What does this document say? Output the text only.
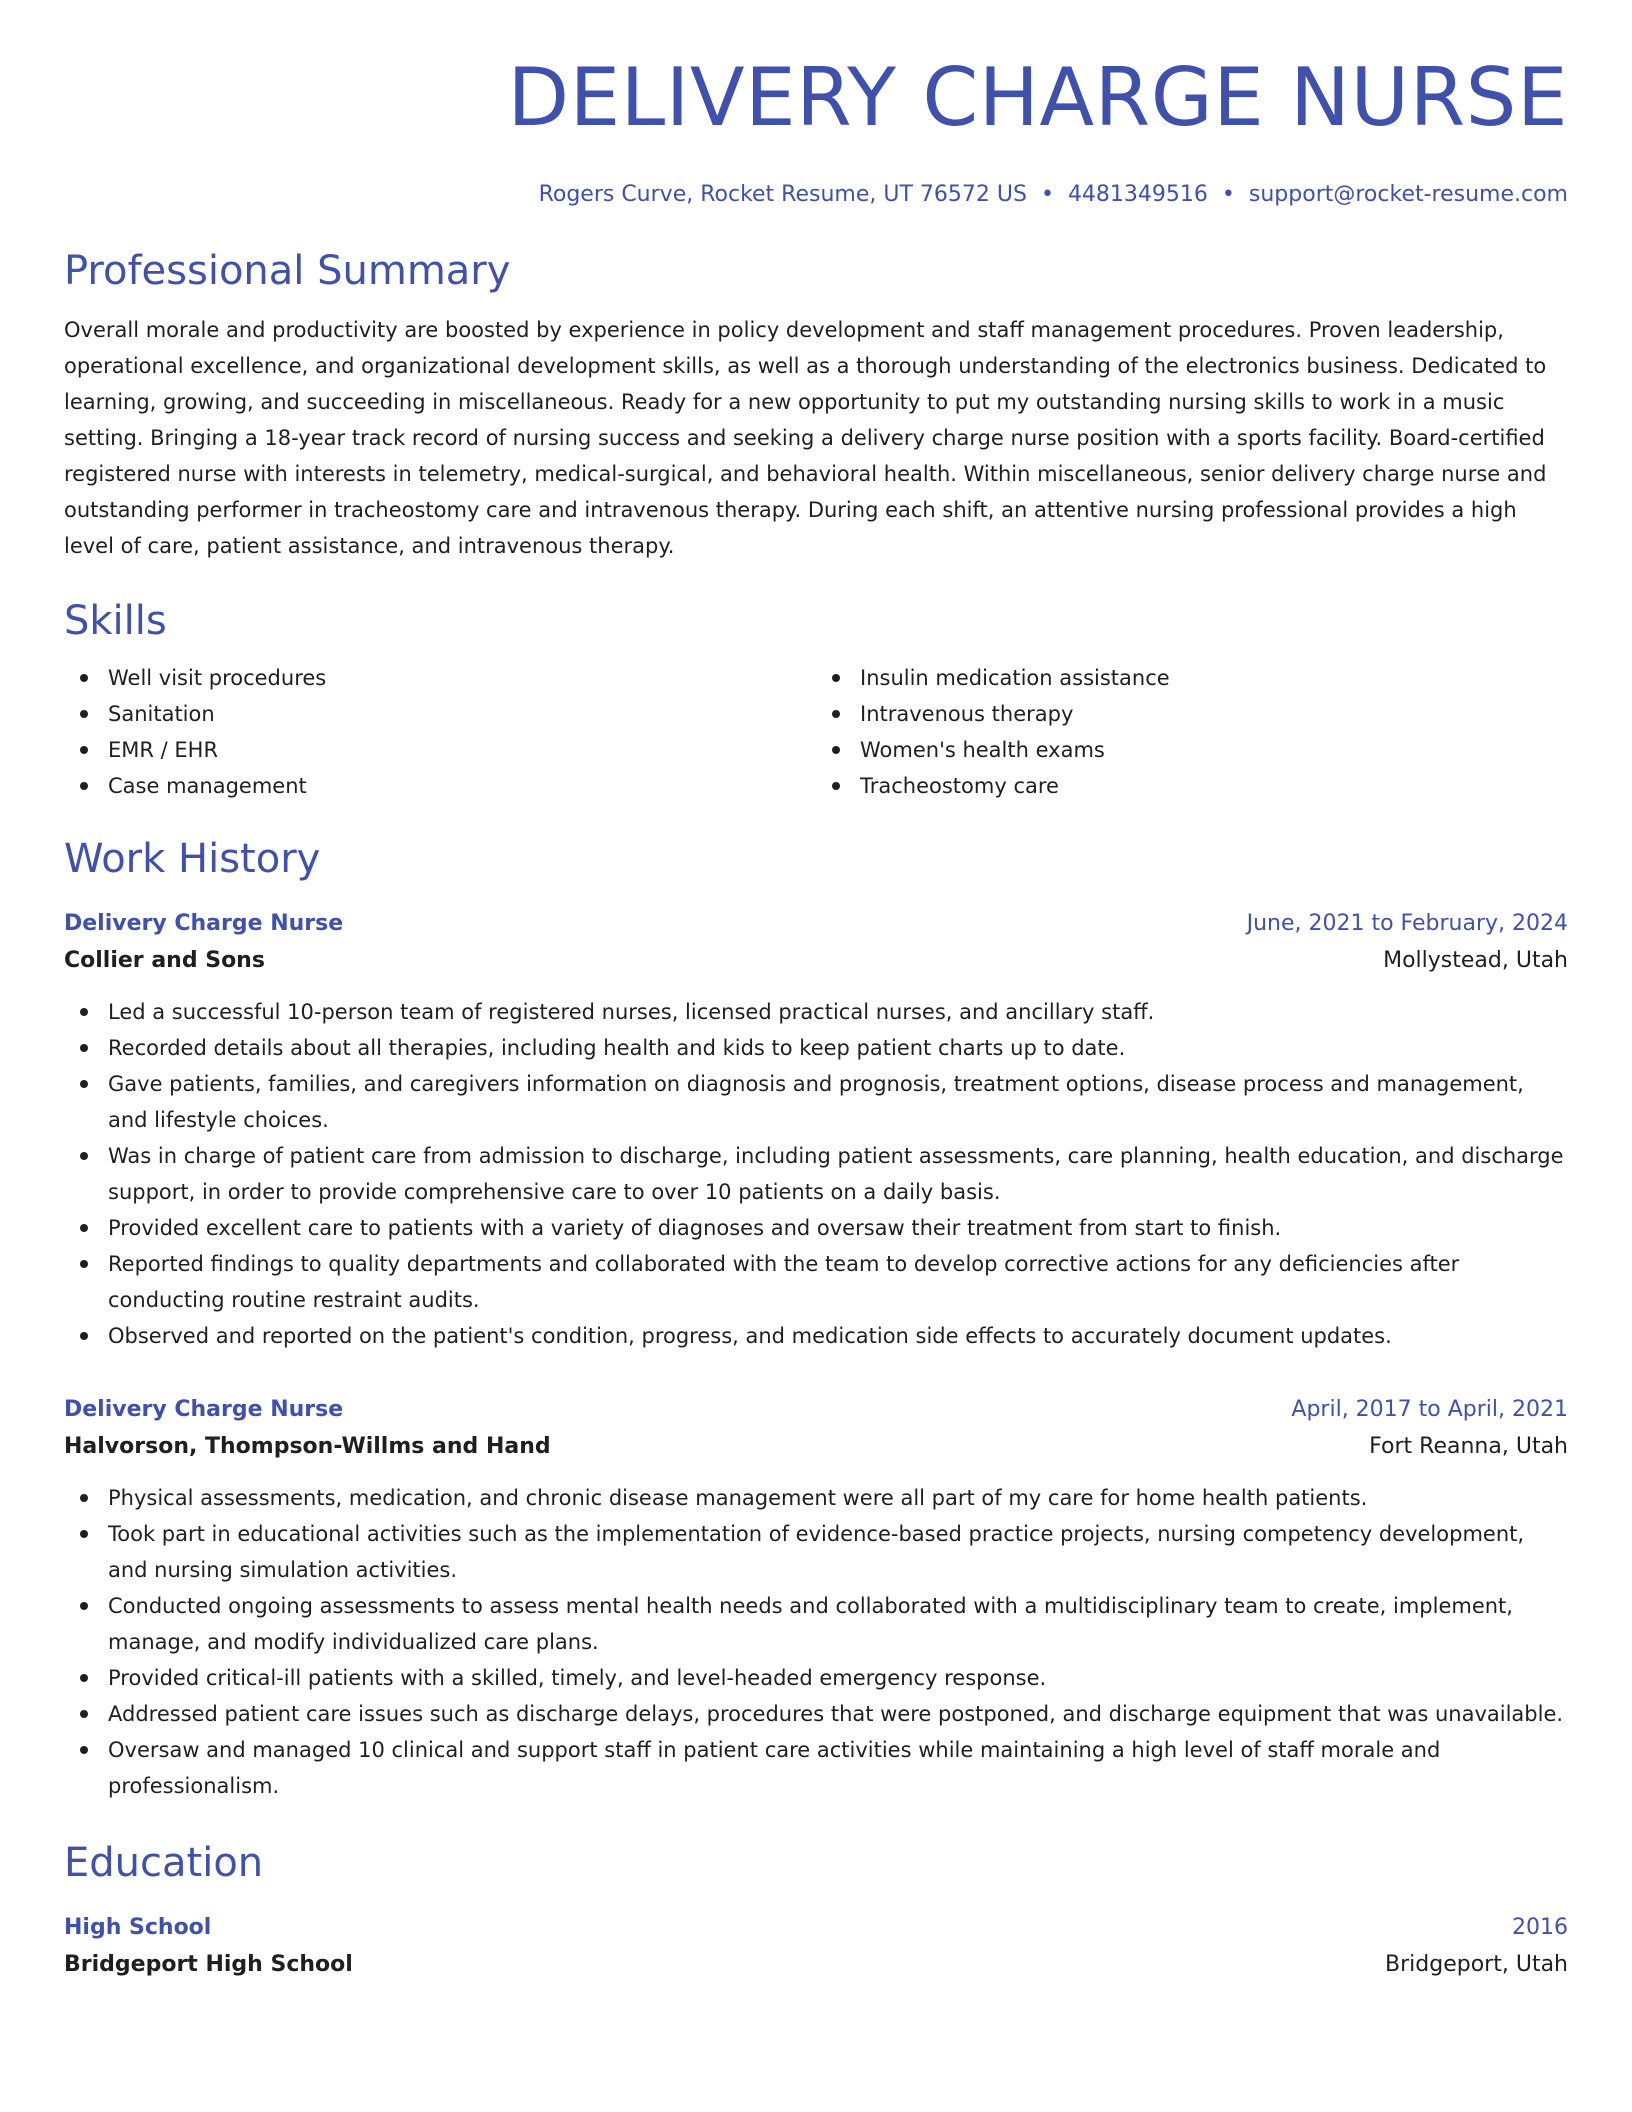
DELIVERY CHARGE NURSE
Rogers Curve, Rocket Resume, UT 76572 US • 4481349516 • support@rocket-resume.com
Professional Summary

Overall morale and productivity are boosted by experience in policy development and staff management procedures. Proven leadership, operational excellence, and organizational development skills, as well as a thorough understanding of the electronics business. Dedicated to learning, growing, and succeeding in miscellaneous. Ready for a new opportunity to put my outstanding nursing skills to work in a music setting. Bringing a 18-year track record of nursing success and seeking a delivery charge nurse position with a sports facility. Board-certified registered nurse with interests in telemetry, medical-surgical, and behavioral health. Within miscellaneous, senior delivery charge nurse and outstanding performer in tracheostomy care and intravenous therapy. During each shift, an attentive nursing professional provides a high level of care, patient assistance, and intravenous therapy.

Skills
Well visit procedures
Sanitation
EMR / EHR
Case management
Insulin medication assistance
Intravenous therapy
Women's health exams
Tracheostomy care
Work History
Delivery Charge Nurse	June, 2021 to February, 2024
Collier and Sons	Mollystead, Utah
Led a successful 10-person team of registered nurses, licensed practical nurses, and ancillary staff.
Recorded details about all therapies, including health and kids to keep patient charts up to date.
Gave patients, families, and caregivers information on diagnosis and prognosis, treatment options, disease process and management, and lifestyle choices.
Was in charge of patient care from admission to discharge, including patient assessments, care planning, health education, and discharge support, in order to provide comprehensive care to over 10 patients on a daily basis.
Provided excellent care to patients with a variety of diagnoses and oversaw their treatment from start to finish.
Reported findings to quality departments and collaborated with the team to develop corrective actions for any deficiencies after conducting routine restraint audits.
Observed and reported on the patient's condition, progress, and medication side effects to accurately document updates.
Delivery Charge Nurse	April, 2017 to April, 2021
Halvorson, Thompson-Willms and Hand	Fort Reanna, Utah
Physical assessments, medication, and chronic disease management were all part of my care for home health patients.
Took part in educational activities such as the implementation of evidence-based practice projects, nursing competency development, and nursing simulation activities.
Conducted ongoing assessments to assess mental health needs and collaborated with a multidisciplinary team to create, implement, manage, and modify individualized care plans.
Provided critical-ill patients with a skilled, timely, and level-headed emergency response.
Addressed patient care issues such as discharge delays, procedures that were postponed, and discharge equipment that was unavailable.
Oversaw and managed 10 clinical and support staff in patient care activities while maintaining a high level of staff morale and professionalism.
Education
High School	2016
Bridgeport High School	Bridgeport, Utah
